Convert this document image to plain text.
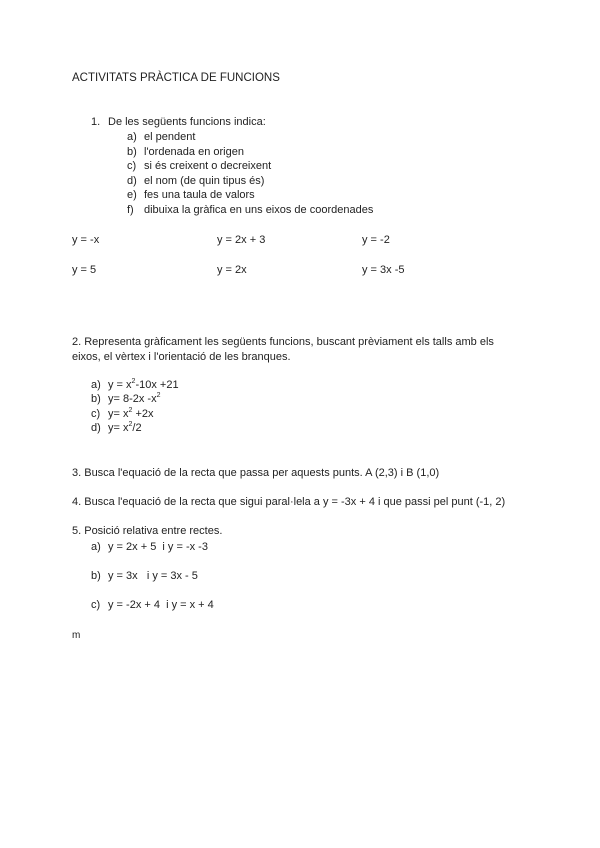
ACTIVITATS PRÀCTICA DE FUNCIONS
1. De les següents funcions indica:
a) el pendent
b) l'ordenada en origen
c) si és creixent o decreixent
d) el nom (de quin tipus és)
e) fes una taula de valors
f) dibuixa la gràfica en uns eixos de coordenades
y = -x	y = 2x + 3	y = -2
y = 5	y = 2x	y = 3x -5
2. Representa gràficament les següents funcions, buscant prèviament els talls amb els
eixos, el vèrtex i l'orientació de les branques.
a) $y = x^2-10x +21$
b) y= 8-2x $-x^2$
c) $y= x^2 +2x$
d) $y= x^2/2$
3. Busca l'equació de la recta que passa per aquests punts. A (2,3) i B (1,0)
4. Busca l'equació de la recta que sigui paral·lela a y = -3x + 4 i que passi pel punt (-1, 2)
5. Posició relativa entre rectes.
a) y = 2x + 5  i y = -x -3
b) y = 3x   i y = 3x - 5
c) y = -2x + 4  i y = x + 4
m
